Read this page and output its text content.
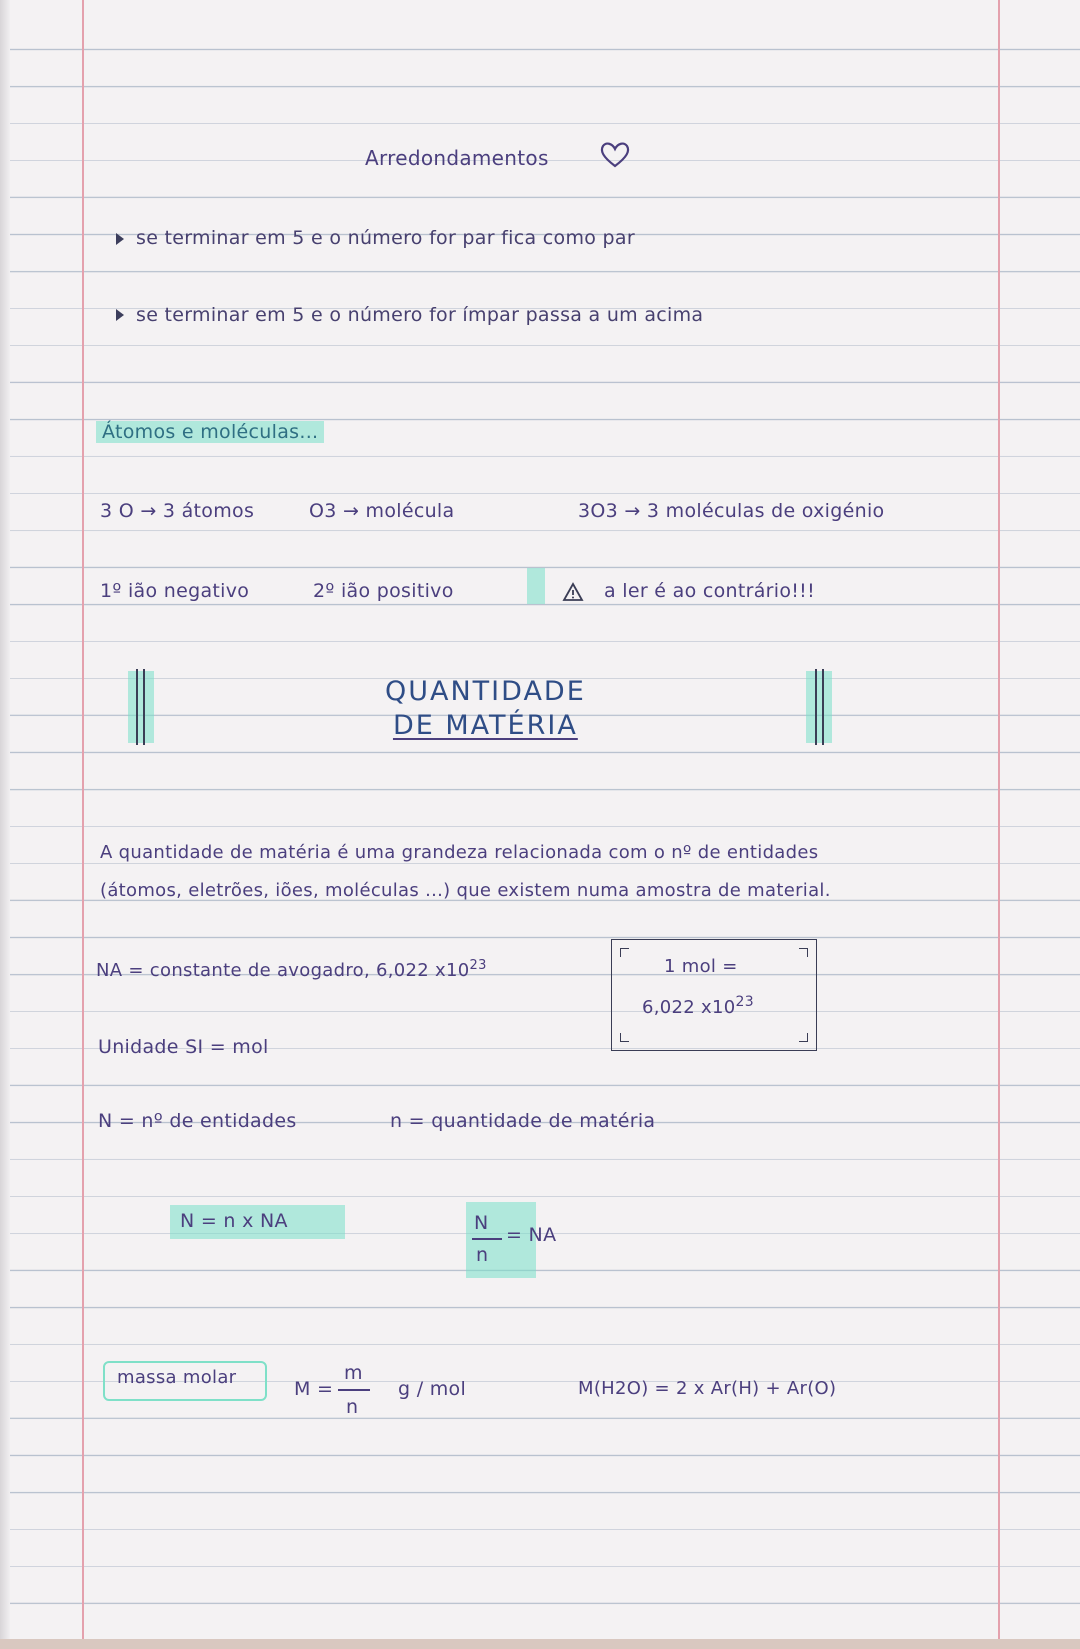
Arredondamentos
se terminar em 5 e o número for par fica como par
se terminar em 5 e o número for ímpar passa a um acima
Átomos e moléculas...
3 O → 3 átomos	O3 → molécula	3O3 → 3 moléculas de oxigénio
1º ião negativo	2º ião positivo	a ler é ao contrário!!!
QUANTIDADE
DE MATÉRIA
A quantidade de matéria é uma grandeza relacionada com o nº de entidades
(átomos, eletrões, iões, moléculas ...) que existem numa amostra de material.
NA = constante de avogadro, 6,022 $x10^{23}$
Unidade SI = mol
1 mol =
6,022 $x10^{23}$
N = nº de entidades	n = quantidade de matéria
N = n x NA	N
n
= NA
massa molar
M =
m
n
g / mol	M(H2O) = 2 x Ar(H) + Ar(O)
